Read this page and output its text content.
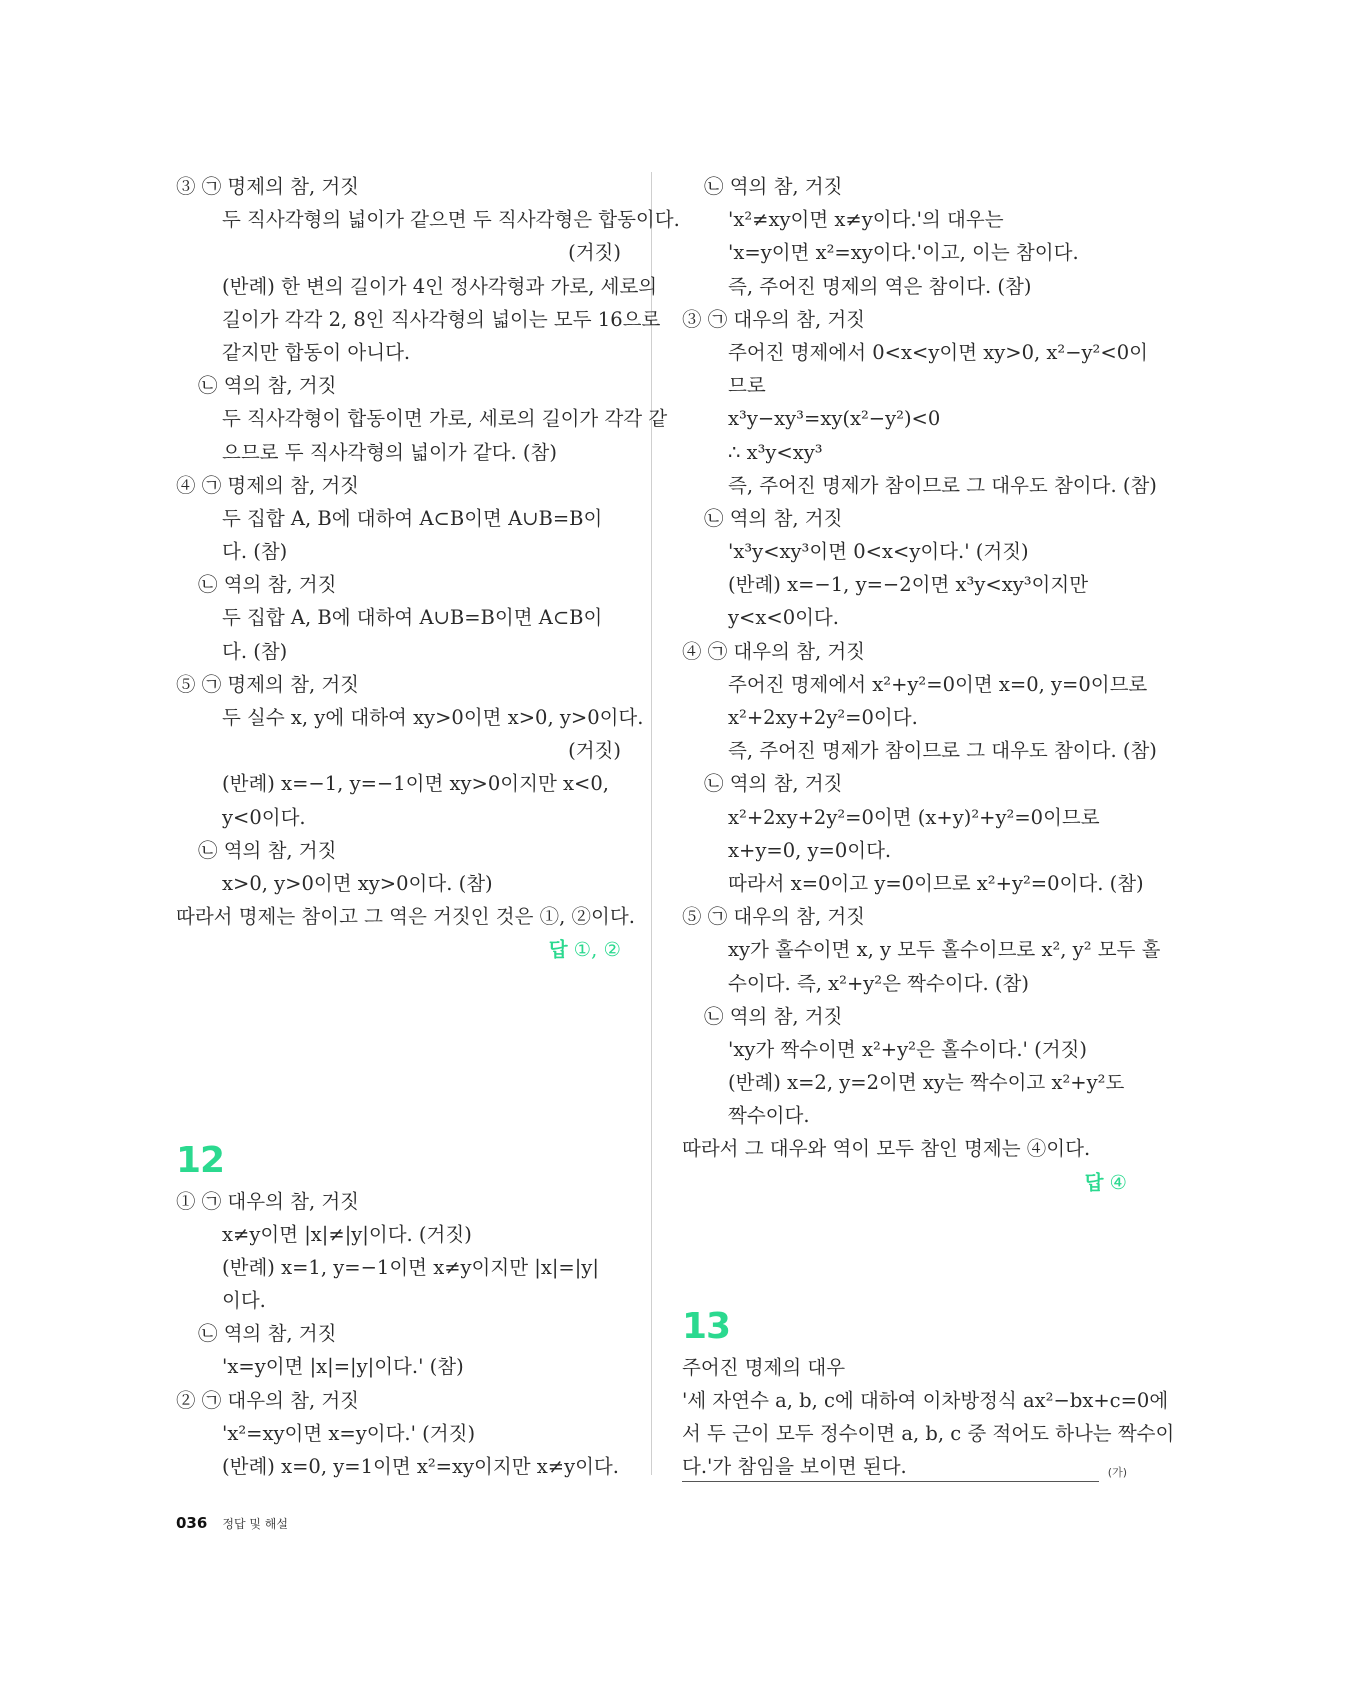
③ ㉠ 명제의 참, 거짓
두 직사각형의 넓이가 같으면 두 직사각형은 합동이다.
(거짓)
(반례) 한 변의 길이가 4인 정사각형과 가로, 세로의
길이가 각각 2, 8인 직사각형의 넓이는 모두 16으로
같지만 합동이 아니다.
㉡ 역의 참, 거짓
두 직사각형이 합동이면 가로, 세로의 길이가 각각 같
으므로 두 직사각형의 넓이가 같다. (참)
④ ㉠ 명제의 참, 거짓
두 집합 A, B에 대하여 A⊂B이면 A∪B=B이
다. (참)
㉡ 역의 참, 거짓
두 집합 A, B에 대하여 A∪B=B이면 A⊂B이
다. (참)
⑤ ㉠ 명제의 참, 거짓
두 실수 x, y에 대하여 xy>0이면 x>0, y>0이다.
(거짓)
(반례) x=−1, y=−1이면 xy>0이지만 x<0,
y<0이다.
㉡ 역의 참, 거짓
x>0, y>0이면 xy>0이다. (참)
따라서 명제는 참이고 그 역은 거짓인 것은 ①, ②이다.
답 ①, ②
12
① ㉠ 대우의 참, 거짓
x≠y이면 |x|≠|y|이다. (거짓)
(반례) x=1, y=−1이면 x≠y이지만 |x|=|y|
이다.
㉡ 역의 참, 거짓
'x=y이면 |x|=|y|이다.' (참)
② ㉠ 대우의 참, 거짓
'x²=xy이면 x=y이다.' (거짓)
(반례) x=0, y=1이면 x²=xy이지만 x≠y이다.
㉡ 역의 참, 거짓
'x²≠xy이면 x≠y이다.'의 대우는
'x=y이면 x²=xy이다.'이고, 이는 참이다.
즉, 주어진 명제의 역은 참이다. (참)
③ ㉠ 대우의 참, 거짓
주어진 명제에서 0<x<y이면 xy>0, x²−y²<0이
므로
x³y−xy³=xy(x²−y²)<0
∴ x³y<xy³
즉, 주어진 명제가 참이므로 그 대우도 참이다. (참)
㉡ 역의 참, 거짓
'x³y<xy³이면 0<x<y이다.' (거짓)
(반례) x=−1, y=−2이면 x³y<xy³이지만
y<x<0이다.
④ ㉠ 대우의 참, 거짓
주어진 명제에서 x²+y²=0이면 x=0, y=0이므로
x²+2xy+2y²=0이다.
즉, 주어진 명제가 참이므로 그 대우도 참이다. (참)
㉡ 역의 참, 거짓
x²+2xy+2y²=0이면 (x+y)²+y²=0이므로
x+y=0, y=0이다.
따라서 x=0이고 y=0이므로 x²+y²=0이다. (참)
⑤ ㉠ 대우의 참, 거짓
xy가 홀수이면 x, y 모두 홀수이므로 x², y² 모두 홀
수이다. 즉, x²+y²은 짝수이다. (참)
㉡ 역의 참, 거짓
'xy가 짝수이면 x²+y²은 홀수이다.' (거짓)
(반례) x=2, y=2이면 xy는 짝수이고 x²+y²도
짝수이다.
따라서 그 대우와 역이 모두 참인 명제는 ④이다.
답 ④
13
주어진 명제의 대우
'세 자연수 a, b, c에 대하여 이차방정식 ax²−bx+c=0에
서 두 근이 모두 정수이면 a, b, c 중 적어도 하나는 짝수이
다.'가 참임을 보이면 된다.	(가)
036 정답 및 해설
